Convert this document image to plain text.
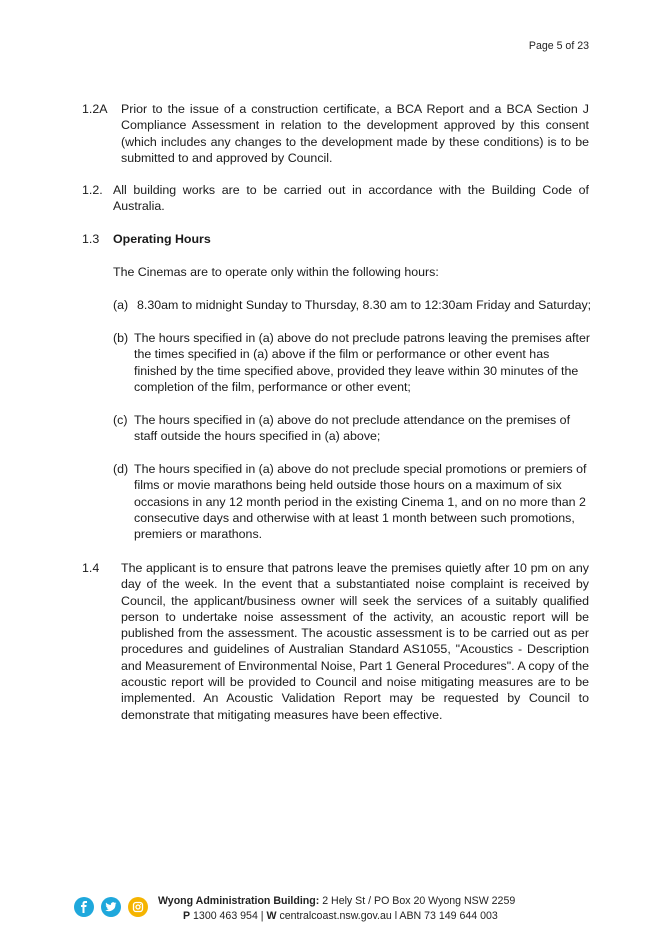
Page 5 of 23
1.2A Prior to the issue of a construction certificate, a BCA Report and a BCA Section J Compliance Assessment in relation to the development approved by this consent (which includes any changes to the development made by these conditions) is to be submitted to and approved by Council.
1.2. All building works are to be carried out in accordance with the Building Code of Australia.
1.3 Operating Hours
The Cinemas are to operate only within the following hours:
(a) 8.30am to midnight Sunday to Thursday, 8.30 am to 12:30am Friday and Saturday;
(b) The hours specified in (a) above do not preclude patrons leaving the premises after the times specified in (a) above if the film or performance or other event has finished by the time specified above, provided they leave within 30 minutes of the completion of the film, performance or other event;
(c) The hours specified in (a) above do not preclude attendance on the premises of staff outside the hours specified in (a) above;
(d) The hours specified in (a) above do not preclude special promotions or premiers of films or movie marathons being held outside those hours on a maximum of six occasions in any 12 month period in the existing Cinema 1, and on no more than 2 consecutive days and otherwise with at least 1 month between such promotions, premiers or marathons.
1.4 The applicant is to ensure that patrons leave the premises quietly after 10 pm on any day of the week. In the event that a substantiated noise complaint is received by Council, the applicant/business owner will seek the services of a suitably qualified person to undertake noise assessment of the activity, an acoustic report will be published from the assessment. The acoustic assessment is to be carried out as per procedures and guidelines of Australian Standard AS1055, "Acoustics - Description and Measurement of Environmental Noise, Part 1 General Procedures". A copy of the acoustic report will be provided to Council and noise mitigating measures are to be implemented. An Acoustic Validation Report may be requested by Council to demonstrate that mitigating measures have been effective.
Wyong Administration Building: 2 Hely St / PO Box 20 Wyong NSW 2259
P 1300 463 954 | W centralcoast.nsw.gov.au l ABN 73 149 644 003
